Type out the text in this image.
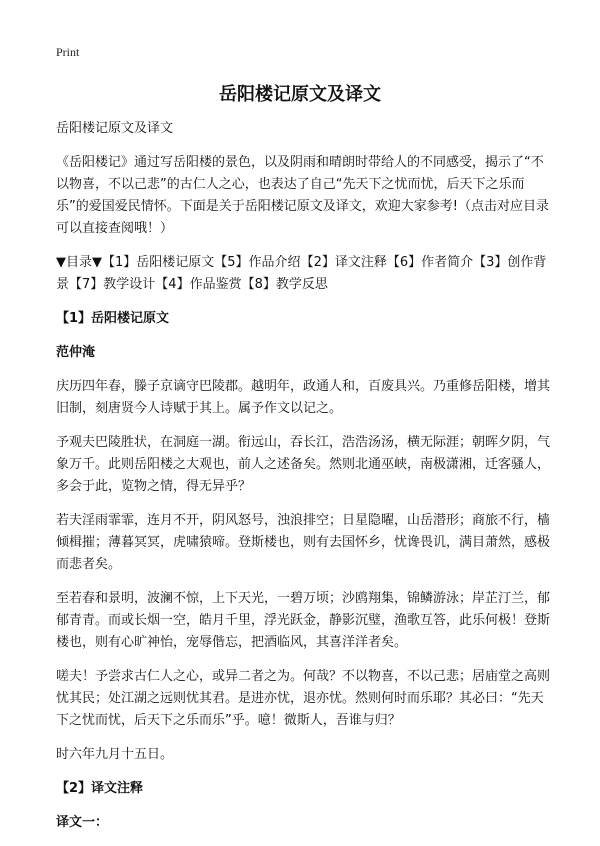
Print
岳阳楼记原文及译文

岳阳楼记原文及译文

《岳阳楼记》通过写岳阳楼的景色，以及阴雨和晴朗时带给人的不同感受，揭示了“不以物喜，不以己悲”的古仁人之心，也表达了自己“先天下之忧而忧，后天下之乐而乐”的爱国爱民情怀。下面是关于岳阳楼记原文及译文，欢迎大家参考!（点击对应目录可以直接查阅哦！）

▼目录▼【1】岳阳楼记原文【5】作品介绍【2】译文注释【6】作者简介【3】创作背景【7】教学设计【4】作品鉴赏【8】教学反思

【1】岳阳楼记原文

范仲淹

庆历四年春，滕子京谪守巴陵郡。越明年，政通人和，百废具兴。乃重修岳阳楼，增其旧制，刻唐贤今人诗赋于其上。属予作文以记之。

予观夫巴陵胜状，在洞庭一湖。衔远山，吞长江，浩浩汤汤，横无际涯；朝晖夕阴，气象万千。此则岳阳楼之大观也，前人之述备矣。然则北通巫峡，南极潇湘，迁客骚人，多会于此，览物之情，得无异乎？

若夫淫雨霏霏，连月不开，阴风怒号，浊浪排空；日星隐曜，山岳潜形；商旅不行，樯倾楫摧；薄暮冥冥，虎啸猿啼。登斯楼也，则有去国怀乡，忧谗畏讥，满目萧然，感极而悲者矣。

至若春和景明，波澜不惊，上下天光，一碧万顷；沙鸥翔集，锦鳞游泳；岸芷汀兰，郁郁青青。而或长烟一空，皓月千里，浮光跃金，静影沉璧，渔歌互答，此乐何极！登斯楼也，则有心旷神怡，宠辱偕忘，把酒临风，其喜洋洋者矣。

嗟夫！予尝求古仁人之心，或异二者之为。何哉？不以物喜，不以己悲；居庙堂之高则忧其民；处江湖之远则忧其君。是进亦忧，退亦忧。然则何时而乐耶？其必曰：“先天下之忧而忧，后天下之乐而乐”乎。噫！微斯人，吾谁与归？

时六年九月十五日。

【2】译文注释

译文一：
